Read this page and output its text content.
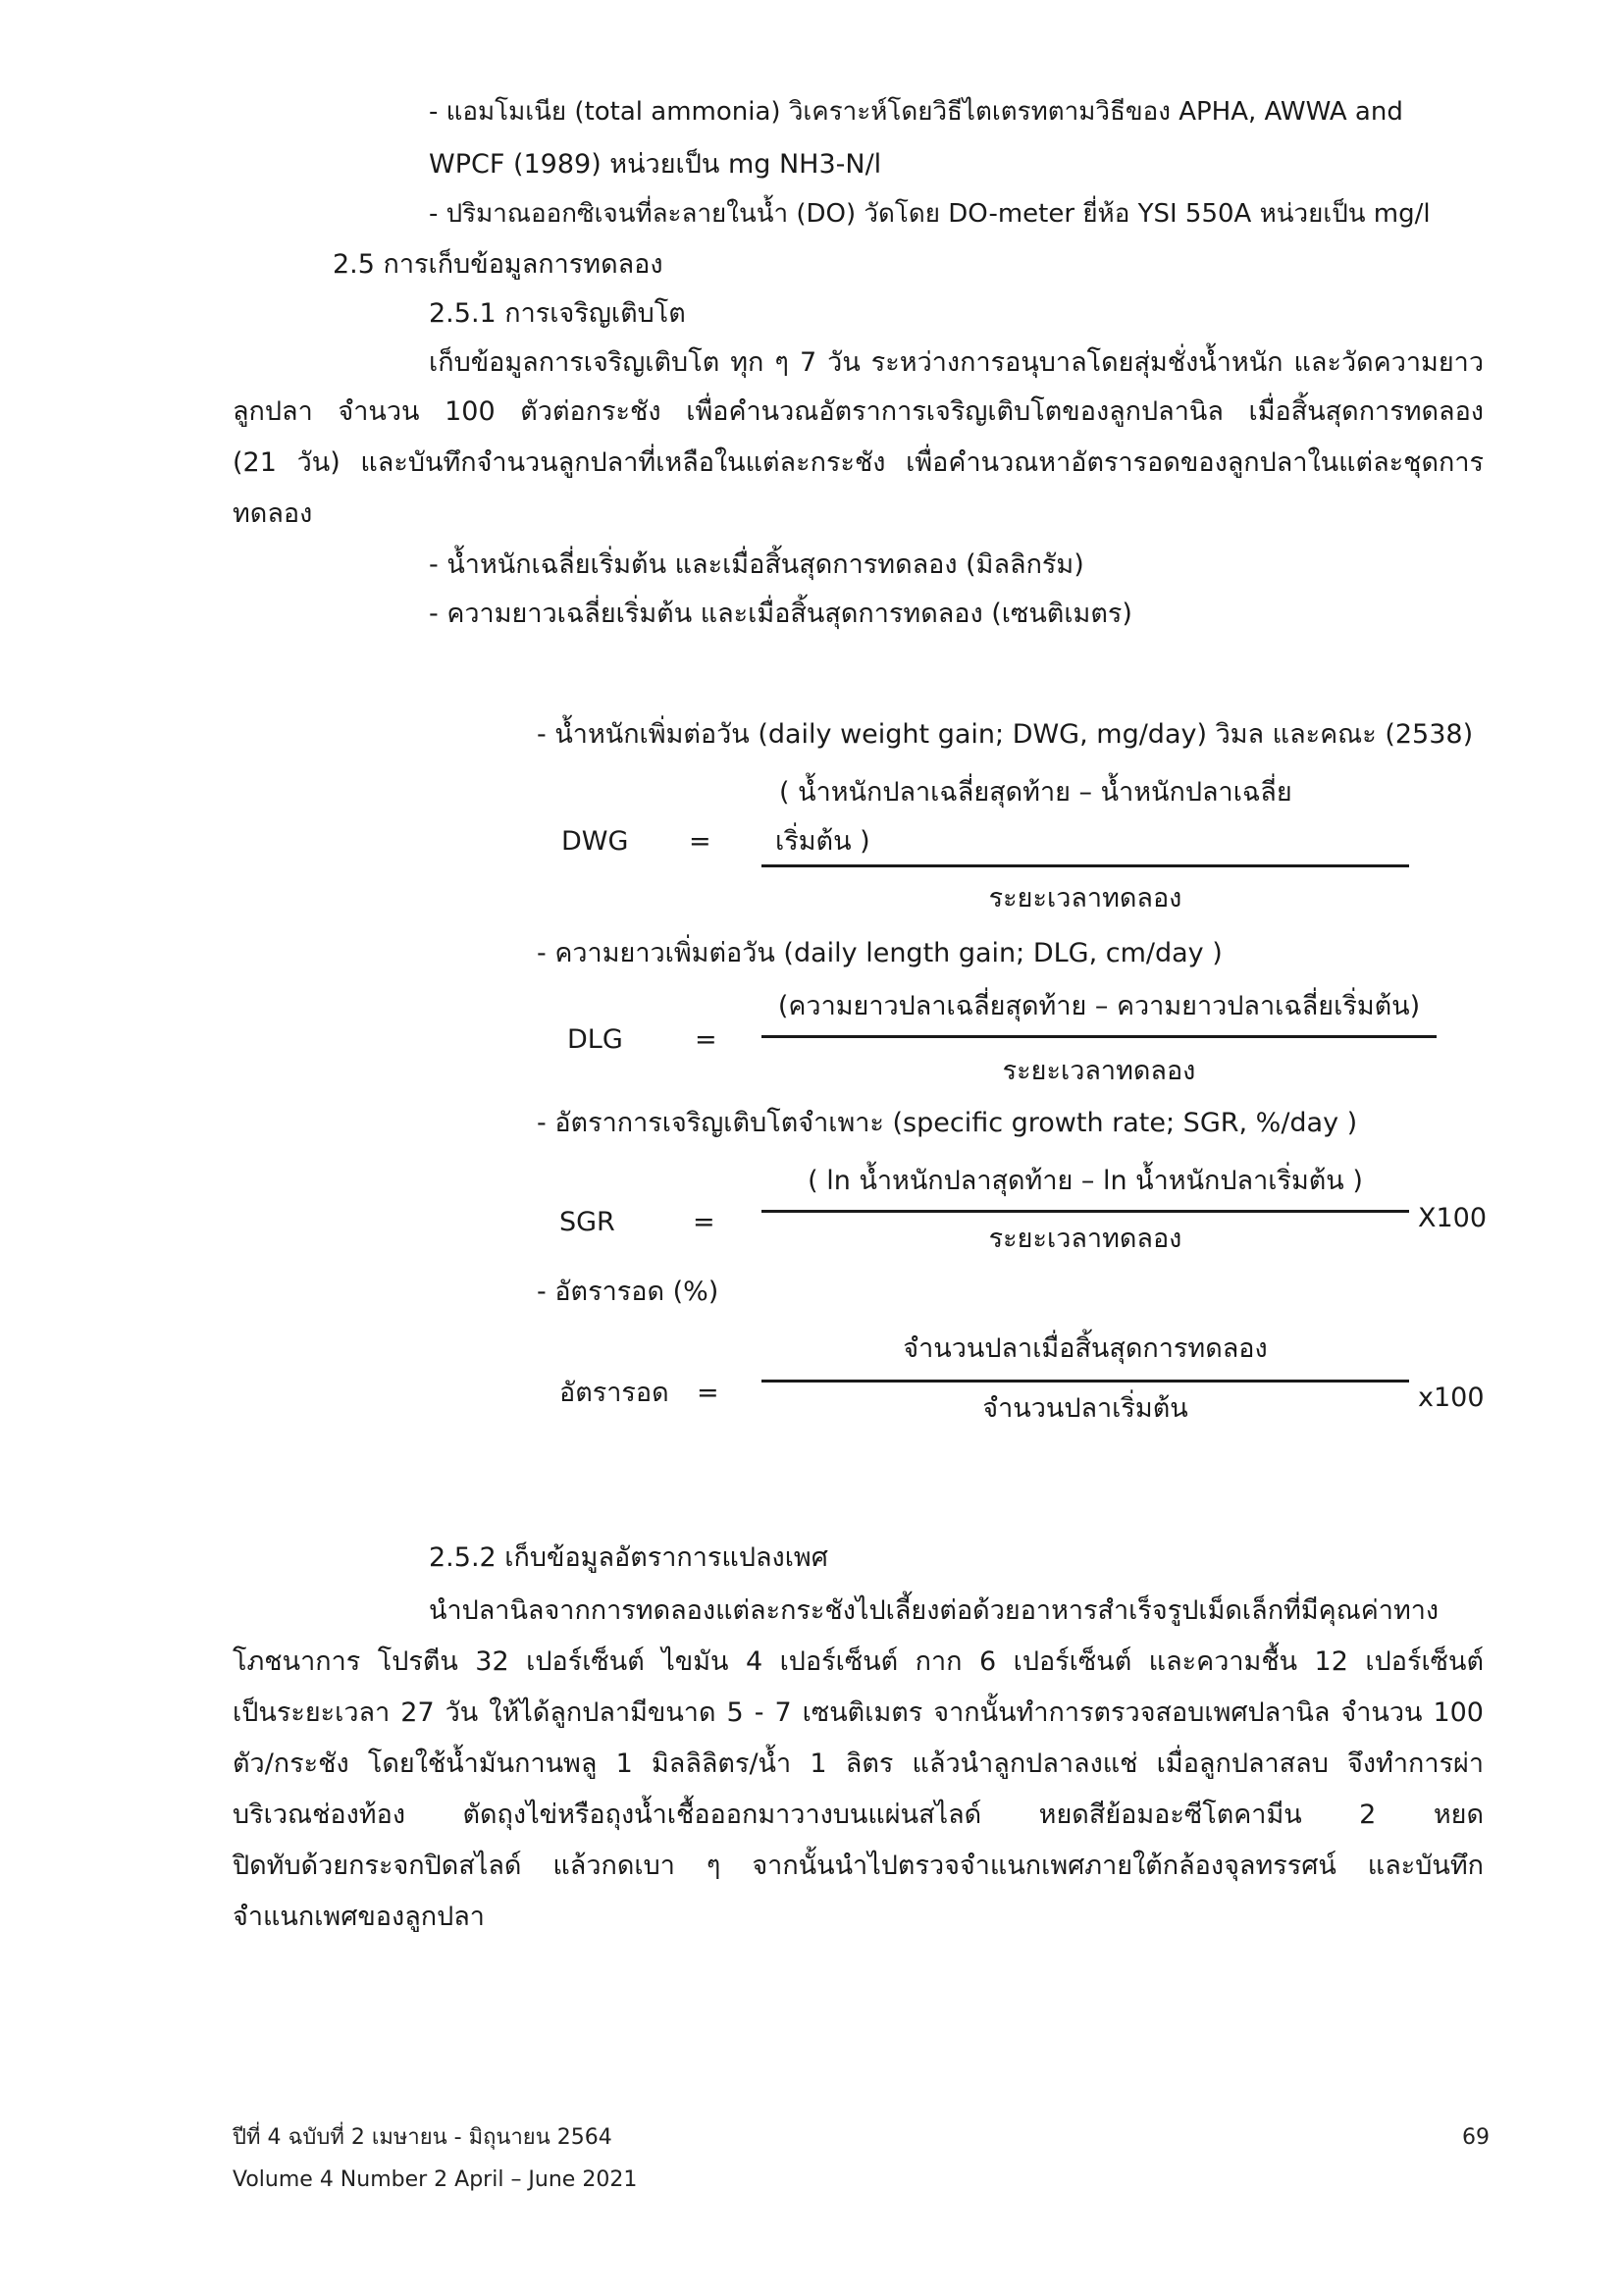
- แอมโมเนีย (total ammonia) วิเคราะห์โดยวิธีไตเตรทตามวิธีของ APHA, AWWA and
WPCF (1989) หน่วยเป็น mg NH3-N/l
- ปริมาณออกซิเจนที่ละลายในน้ำ (DO) วัดโดย DO-meter ยี่ห้อ YSI 550A หน่วยเป็น mg/l
2.5 การเก็บข้อมูลการทดลอง
2.5.1 การเจริญเติบโต
เก็บข้อมูลการเจริญเติบโต ทุก ๆ 7 วัน ระหว่างการอนุบาลโดยสุ่มชั่งน้ำหนัก และวัดความยาว
ลูกปลา จำนวน 100 ตัวต่อกระชัง เพื่อคำนวณอัตราการเจริญเติบโตของลูกปลานิล เมื่อสิ้นสุดการทดลอง
(21 วัน) และบันทึกจำนวนลูกปลาที่เหลือในแต่ละกระชัง เพื่อคำนวณหาอัตรารอดของลูกปลาในแต่ละชุดการ
ทดลอง
- น้ำหนักเฉลี่ยเริ่มต้น และเมื่อสิ้นสุดการทดลอง (มิลลิกรัม)
- ความยาวเฉลี่ยเริ่มต้น และเมื่อสิ้นสุดการทดลอง (เซนติเมตร)
- น้ำหนักเพิ่มต่อวัน (daily weight gain; DWG, mg/day) วิมล และคณะ (2538)
( น้ำหนักปลาเฉลี่ยสุดท้าย – น้ำหนักปลาเฉลี่ย
DWG = เริ่มต้น )
ระยะเวลาทดลอง
- ความยาวเพิ่มต่อวัน (daily length gain; DLG, cm/day )
(ความยาวปลาเฉลี่ยสุดท้าย – ความยาวปลาเฉลี่ยเริ่มต้น)
DLG	=
ระยะเวลาทดลอง
- อัตราการเจริญเติบโตจำเพาะ (specific growth rate; SGR, %/day )
( ln น้ำหนักปลาสุดท้าย – ln น้ำหนักปลาเริ่มต้น )
SGR	=
ระยะเวลาทดลอง
X100
- อัตรารอด (%)
จำนวนปลาเมื่อสิ้นสุดการทดลอง
อัตรารอด =
จำนวนปลาเริ่มต้น	x100
2.5.2 เก็บข้อมูลอัตราการแปลงเพศ
นำปลานิลจากการทดลองแต่ละกระชังไปเลี้ยงต่อด้วยอาหารสำเร็จรูปเม็ดเล็กที่มีคุณค่าทาง
โภชนาการ โปรตีน 32 เปอร์เซ็นต์ ไขมัน 4 เปอร์เซ็นต์ กาก 6 เปอร์เซ็นต์ และความชื้น 12 เปอร์เซ็นต์
เป็นระยะเวลา 27 วัน ให้ได้ลูกปลามีขนาด 5 - 7 เซนติเมตร จากนั้นทำการตรวจสอบเพศปลานิล จำนวน 100
ตัว/กระชัง โดยใช้น้ำมันกานพลู 1 มิลลิลิตร/น้ำ 1 ลิตร แล้วนำลูกปลาลงแช่ เมื่อลูกปลาสลบ จึงทำการผ่า
บริเวณช่องท้อง ตัดถุงไข่หรือถุงน้ำเชื้อออกมาวางบนแผ่นสไลด์ หยดสีย้อมอะซีโตคามีน 2 หยด
ปิดทับด้วยกระจกปิดสไลด์ แล้วกดเบา ๆ จากนั้นนำไปตรวจจำแนกเพศภายใต้กล้องจุลทรรศน์ และบันทึก
จำแนกเพศของลูกปลา
ปีที่ 4 ฉบับที่ 2 เมษายน - มิถุนายน 2564
Volume 4 Number 2 April – June 2021
69
